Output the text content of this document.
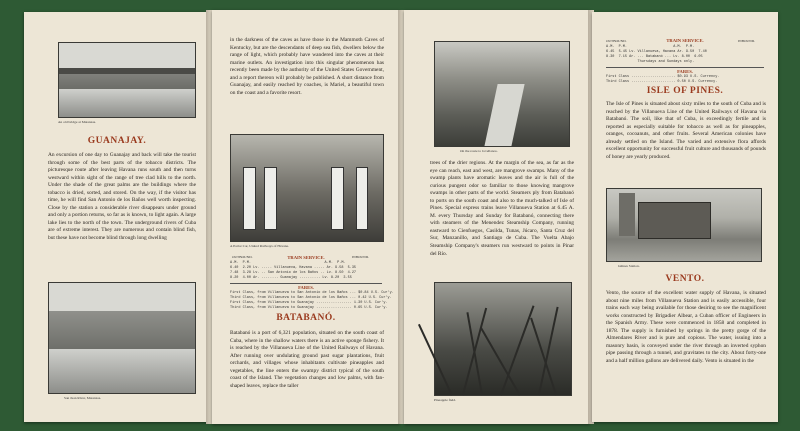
An old bridge at Matanzas.
GUANAJAY.
An excursion of one day to Guanajay and back will take the tourist through some of the best parts of the tobacco districts. The picturesque route after leaving Havana runs south and then turns westward within sight of the range of tree clad hills to the north. Under the shade of the great palms are the buildings where the tobacco is dried, sorted, and stored. On the way, if the visitor has time, he will find San Antonio de los Baños well worth inspecting. Close by the station a considerable river disappears under ground and only a portion returns, so far as is known, to light again. A large lake lies to the north of the town. The underground rivers of Cuba are of extreme interest. They are numerous and contain blind fish, but these have not become blind through long dwelling
San Juan River, Matanzas.
in the darkness of the caves as have those in the Mammoth Caves of Kentucky, but are the descendants of deep sea fish, dwellers below the range of light, which probably have wandered into the caves at their marine outlets. An investigation into this singular phenomenon has recently been made by the authority of the United States Government, and a report thereon will probably be published. A short distance from Guanajay, and easily reached by coaches, is Mariel, a beautiful town on the coast and a favorite resort.
A Parlor Car, United Railways of Havana.
TRAIN SERVICE.
OUTBOUND.	INBOUND.
A.M.  P.M.                                   A.M.  P.M.
6.40  2.20 Lv. ..... Villanueva, Havana ..... Ar. 9.58  5.35
7.48  3.28 Lv. .. San Antonio de los Baños .. Lv. 8.50  4.27
8.20  4.00 Ar. ........ Guanajay .......... Lv. 8.20  3.55
FARES.
First Class, from Villanueva to San Antonio de los Baños ... $0.84 U.S. Cur'y.
Third Class, from Villanueva to San Antonio de los Baños ... 0.42 U.S. Cur'y.
First Class, from Villanueva to Guanajay ................. 1.30 U.S. Cur'y.
Third Class, from Villanueva to Guanajay ................. 0.65 U.S. Cur'y.
BATABANÓ.
Batabanó is a port of 6,321 population, situated on the south coast of Cuba, where in the shallow waters there is an active sponge fishery. It is reached by the Villanueva Line of the United Railways of Havana. After running over undulating ground past sugar plantations, fruit orchards, and villages whose inhabitants cultivate pineapples and vegetables, the line enters the swampy district typical of the south coast of the Island. The vegetation changes and low palms, with fan-shaped leaves, replace the taller
On the route to Jovellanos.
trees of the drier regions. At the margin of the sea, as far as the eye can reach, east and west, are mangrove swamps. Many of the swamp plants have aromatic leaves and the air is full of the curious pungent odor so familiar to those knowing mangrove swamps in other parts of the world. Steamers ply from Batabanó to ports on the south coast and also to the much-talked of Isle of Pines. Special express trains leave Villanueva Station at 6.45 A. M. every Thursday and Sunday for Batabanó, connecting there with steamers of the Menendez Steamship Company, running eastward to Cienfuegos, Casilda, Tunas, Júcaro, Santa Cruz del Sur, Manzanillo, and Santiago de Cuba. The Vuelta Abajo Steamship Company's steamers run westward to points in Pinar del Río.
Pineapple field.
TRAIN SERVICE.
OUTBOUND.	INBOUND.
A.M.  P.M.                      A.M.  P.M.
6.45  5.45 Lv. Villanueva, Havana Ar. 9.50  7.40
8.30  7.15 Ar. ... Batabanó ... Lv. 8.00  6.05
Thursdays and Sundays only.
FARES.
First Class ..................... $0.93 U.S. Currency.
Third Class ..................... 0.50 U.S. Currency.
ISLE OF PINES.
The Isle of Pines is situated about sixty miles to the south of Cuba and is reached by the Villanueva Line of the United Railways of Havana via Batabanó. The soil, like that of Cuba, is exceedingly fertile and is reported as especially suitable for tobacco as well as for pineapples, oranges, cocoanuts, and other fruits. Several American colonies have already settled on the Island. The varied and extensive flora affords excellent opportunity for successful fruit culture and thousands of pounds of honey are yearly produced.
Güines Station.
VENTO.
Vento, the source of the excellent water supply of Havana, is situated about nine miles from Villanueva Station and is easily accessible, four trains each way being available for those desiring to see the magnificent works constructed by Brigadier Albear, a Cuban officer of Engineers in the Spanish Army. These were commenced in 1858 and completed in 1878. The supply is furnished by springs in the pretty gorge of the Almendares River and is pure and copious. The water, issuing into a masonry basin, is conveyed under the river through an inverted syphon pipe passing through a tunnel, and gravitates to the city. About forty-one and a half million gallons are delivered daily. Vento is situated in the
